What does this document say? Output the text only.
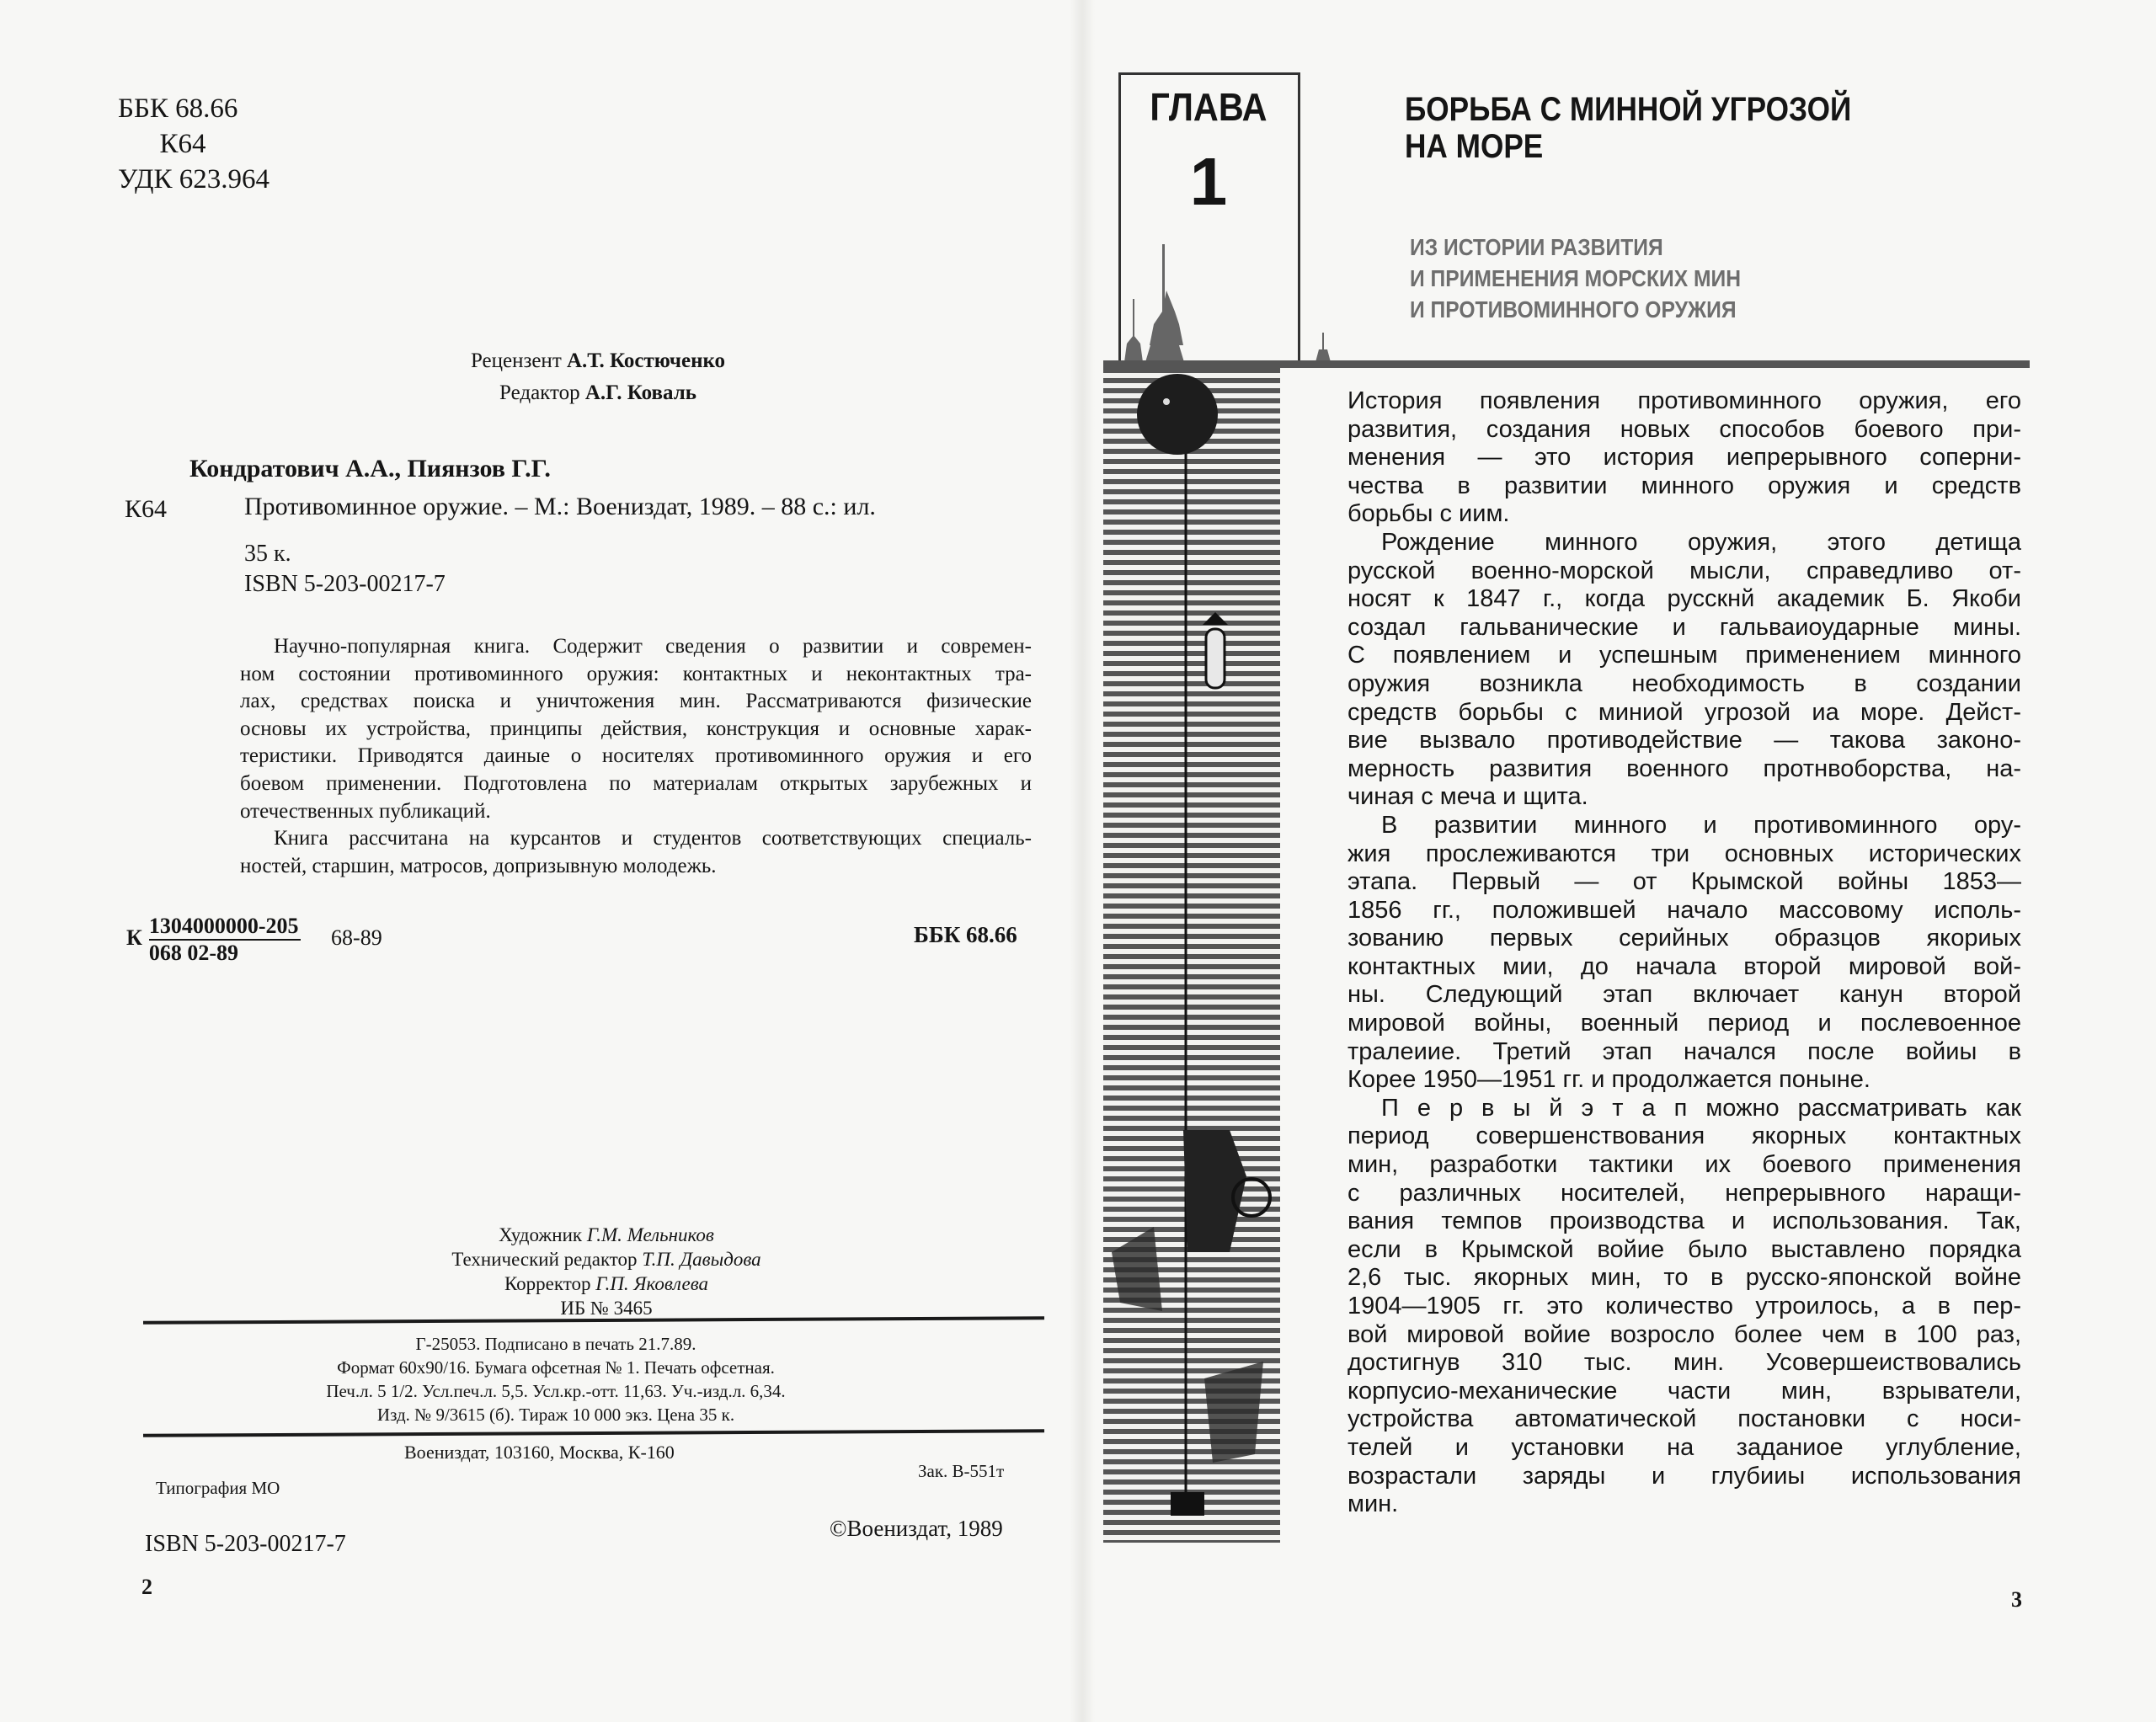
ББК 68.66
К64
УДК 623.964
Рецензент А.Т. Костюченко
Редактор А.Г. Коваль
Кондратович А.А., Пиянзов Г.Г.
К64	Противоминное оружие. – М.: Воениздат, 1989. – 88 с.: ил.
35 к.
ISBN 5-203-00217-7
Научно-популярная книга. Содержит сведения о развитии и современ-
ном состоянии противоминного оружия: контактных и неконтактных тра-
лах, средствах поиска и уничтожения мин. Рассматриваются физические
основы их устройства, принципы действия, конструкция и основные харак-
теристики. Приводятся даиные о носителях противоминного оружия и его
боевом применении. Подготовлена по материалам открытых зарубежных и
отечественных публикаций.
Книга рассчитана на курсантов и студентов соответствующих специаль-
ностей, старшин, матросов, допризывную молодежь.
К $\frac{1304000000-205}{068 02-89} 68-89$	ББК 68.66
Художник Г.М. Мельников
Технический редактор Т.П. Давыдова
Корректор Г.П. Яковлева
ИБ № 3465
Г-25053. Подписано в печать 21.7.89.
Формат 60х90/16. Бумага офсетная № 1. Печать офсетная.
Печ.л. 5 1/2. Усл.печ.л. 5,5. Усл.кр.-отт. 11,63. Уч.-изд.л. 6,34.
Изд. № 9/3615 (б). Тираж 10 000 экз. Цена 35 к.
Воениздат, 103160, Москва, К-160
Типография МО
Зак. В-551т
ISBN 5-203-00217-7
©Воениздат, 1989
2
ГЛАВА
1
БОРЬБА С МИННОЙ УГРОЗОЙ
НА МОРЕ
ИЗ ИСТОРИИ РАЗВИТИЯ
И ПРИМЕНЕНИЯ МОРСКИХ МИН
И ПРОТИВОМИННОГО ОРУЖИЯ
История появления противоминного оружия, его
развития, создания новых способов боевого при-
менения — это история иепрерывного соперни-
чества в развитии минного оружия и средств
борьбы с иим.
Рождение минного оружия, этого детища
русской военно-морской мысли, справедливо от-
носят к 1847 г., когда русскнй академик Б. Якоби
создал гальванические и гальваиоударные мины.
С появлением и успешным применением минного
оружия возникла необходимость в создании
средств борьбы с миниой угрозой иа море. Дейст-
вие вызвало противодействие — такова законо-
мерность развития военного протнвоборства, на-
чиная с меча и щита.
В развитии минного и противоминного ору-
жия прослеживаются три основных исторических
этапа. Первый — от Крымской войны 1853—
1856 гг., положившей начало массовому исполь-
зованию первых серийных образцов якориых
контактных мии, до начала второй мировой вой-
ны. Следующий этап включает канун второй
мировой войны, военный период и послевоенное
тралеиие. Третий этап начался после войиы в
Корее 1950—1951 гг. и продолжается поныне.
П е р в ы й э т а п можно рассматривать как
период совершенствования якорных контактных
мин, разработки тактики их боевого применения
с различных носителей, непрерывного наращи-
вания темпов производства и использования. Так,
если в Крымской войие было выставлено порядка
2,6 тыс. якорных мин, то в русско-японской войне
1904—1905 гг. это количество утроилось, а в пер-
вой мировой войие возросло более чем в 100 раз,
достигнув 310 тыс. мин. Усовершеиствовались
корпусио-механические части мин, взрыватели,
устройства автоматической постановки с носи-
телей и установки на заданиое углубление,
возрастали заряды и глубииы использования
мин.
3
